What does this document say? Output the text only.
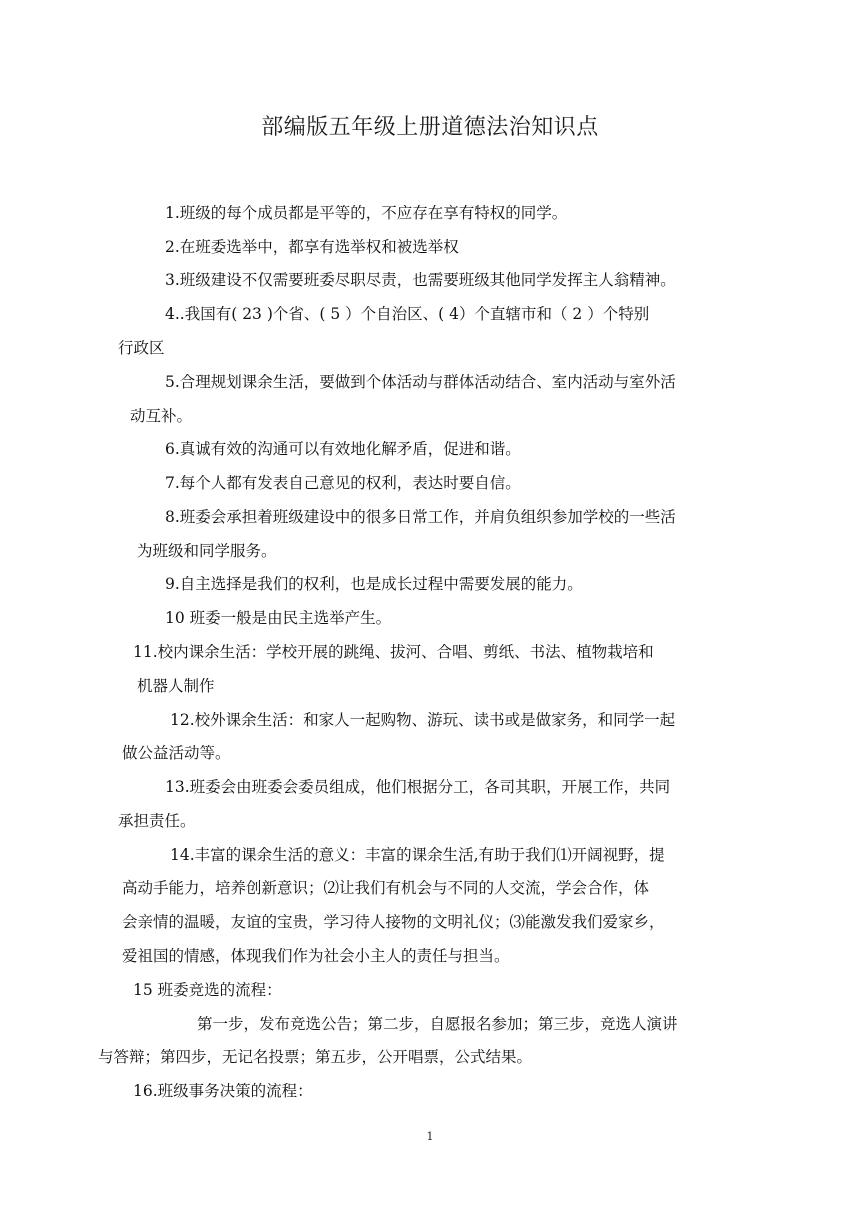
部编版五年级上册道德法治知识点
1.班级的每个成员都是平等的，不应存在享有特权的同学。
2.在班委选举中，都享有选举权和被选举权
3.班级建设不仅需要班委尽职尽责，也需要班级其他同学发挥主人翁精神。
4..我国有( 23 )个省、( 5 ）个自治区、( 4）个直辖市和（ 2 ）个特别
行政区
5.合理规划课余生活，要做到个体活动与群体活动结合、室内活动与室外活
动互补。
6.真诚有效的沟通可以有效地化解矛盾，促进和谐。
7.每个人都有发表自己意见的权利，表达时要自信。
8.班委会承担着班级建设中的很多日常工作，并肩负组织参加学校的一些活
为班级和同学服务。
9.自主选择是我们的权利，也是成长过程中需要发展的能力。
10 班委一般是由民主选举产生。
11.校内课余生活：学校开展的跳绳、拔河、合唱、剪纸、书法、植物栽培和
机器人制作
12.校外课余生活：和家人一起购物、游玩、读书或是做家务，和同学一起
做公益活动等。
13.班委会由班委会委员组成，他们根据分工，各司其职，开展工作，共同
承担责任。
14.丰富的课余生活的意义：丰富的课余生活,有助于我们⑴开阔视野，提
高动手能力，培养创新意识；⑵让我们有机会与不同的人交流，学会合作，体
会亲情的温暖，友谊的宝贵，学习待人接物的文明礼仪；⑶能激发我们爱家乡，
爱祖国的情感，体现我们作为社会小主人的责任与担当。
15 班委竞选的流程：
第一步，发布竞选公告；第二步，自愿报名参加；第三步，竞选人演讲
与答辩；第四步，无记名投票；第五步，公开唱票，公式结果。
16.班级事务决策的流程：
1
